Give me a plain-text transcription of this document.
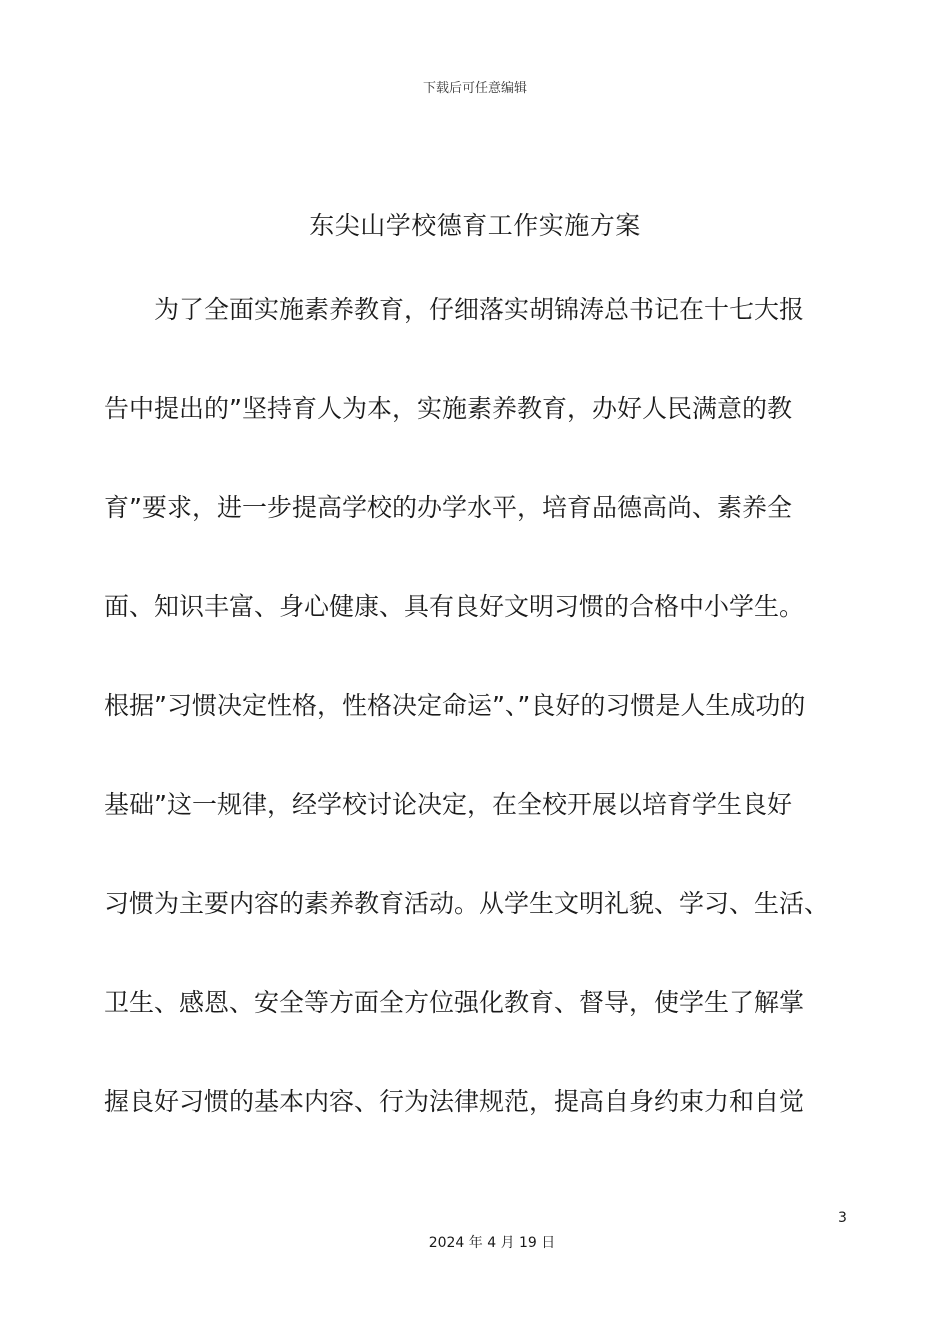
下载后可任意编辑
东尖山学校德育工作实施方案
为了全面实施素养教育，仔细落实胡锦涛总书记在十七大报
告中提出的”坚持育人为本，实施素养教育，办好人民满意的教
育”要求，进一步提高学校的办学水平，培育品德高尚、素养全
面、知识丰富、身心健康、具有良好文明习惯的合格中小学生。
根据”习惯决定性格，性格决定命运”、”良好的习惯是人生成功的
基础”这一规律，经学校讨论决定，在全校开展以培育学生良好
习惯为主要内容的素养教育活动。从学生文明礼貌、学习、生活、
卫生、感恩、安全等方面全方位强化教育、督导，使学生了解掌
握良好习惯的基本内容、行为法律规范，提高自身约束力和自觉
3
2024 年 4 月 19 日
